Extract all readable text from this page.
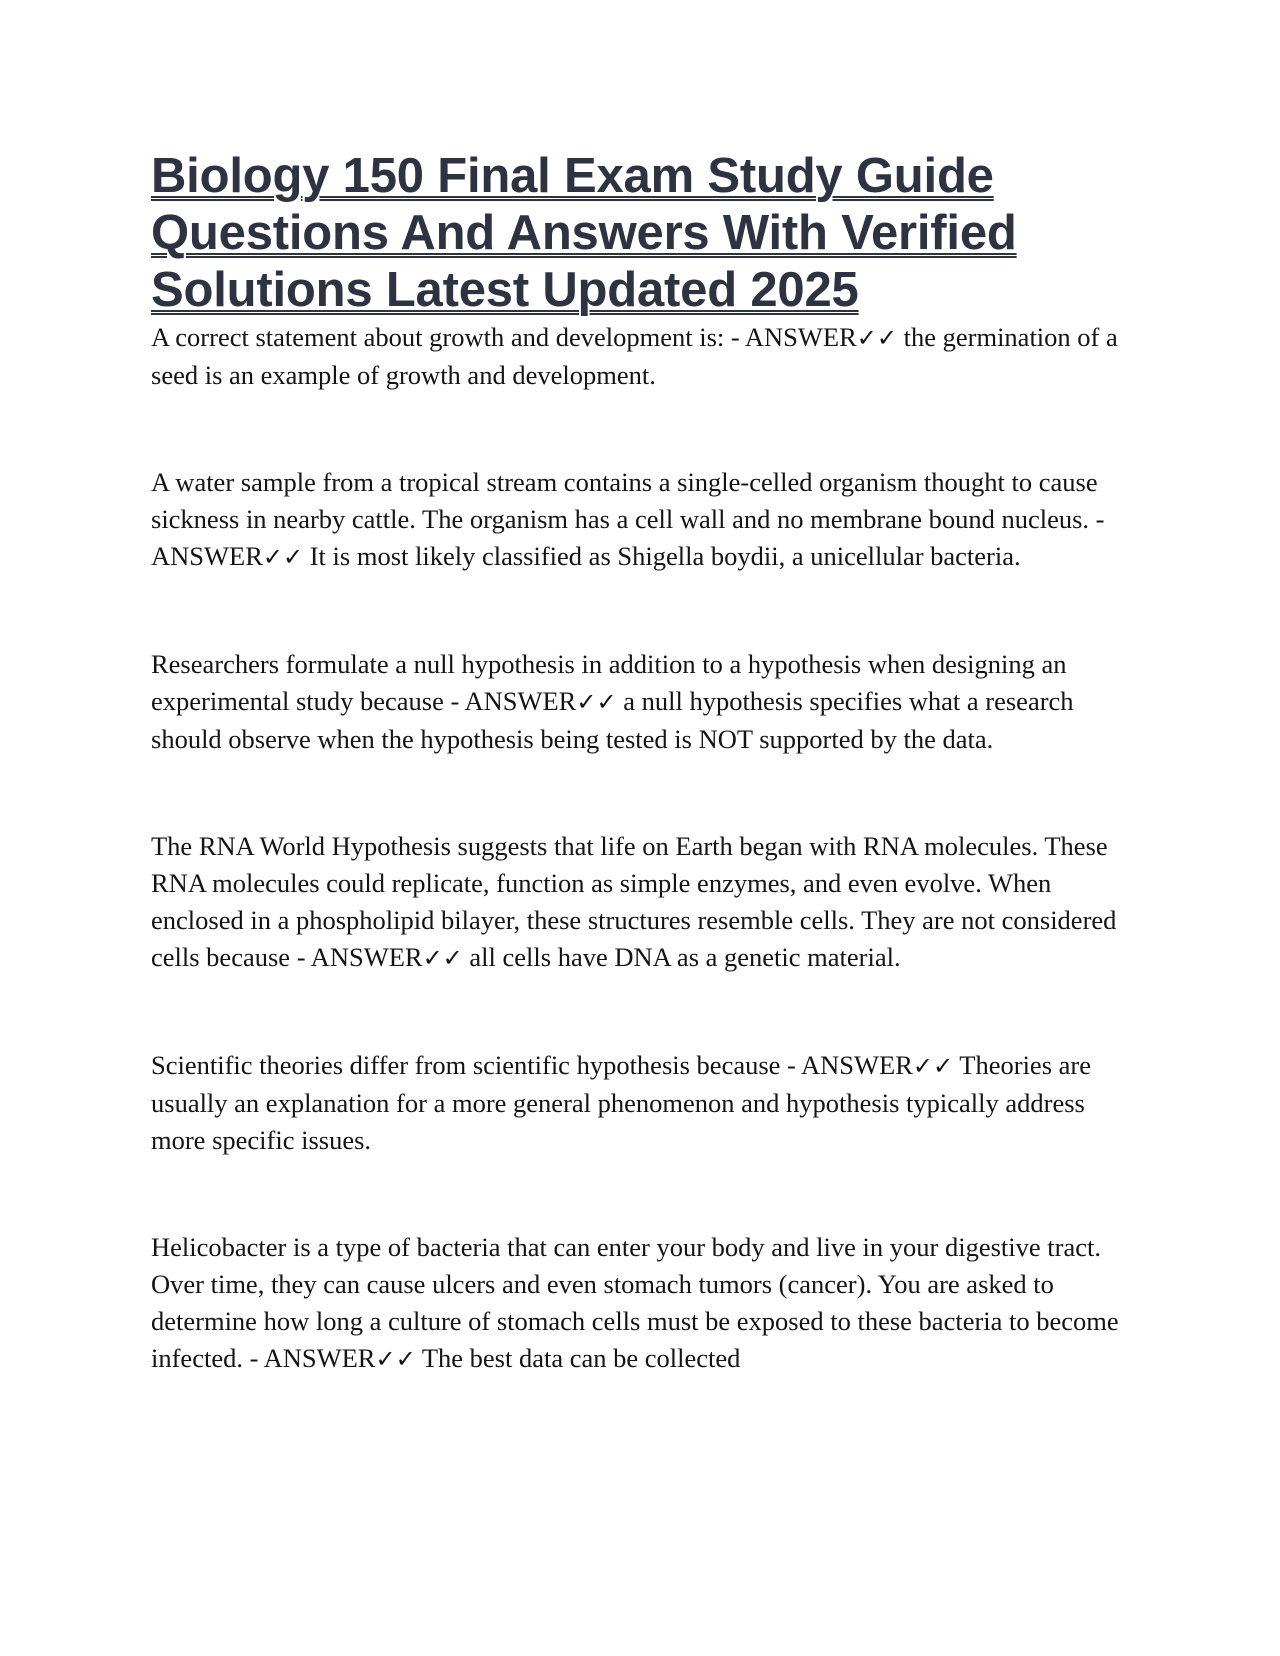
Biology 150 Final Exam Study Guide Questions And Answers With Verified Solutions Latest Updated 2025

A correct statement about growth and development is: - ANSWER✓✓ the germination of a seed is an example of growth and development.

A water sample from a tropical stream contains a single-celled organism thought to cause sickness in nearby cattle. The organism has a cell wall and no membrane bound nucleus. - ANSWER✓✓ It is most likely classified as Shigella boydii, a unicellular bacteria.

Researchers formulate a null hypothesis in addition to a hypothesis when designing an experimental study because - ANSWER✓✓ a null hypothesis specifies what a research should observe when the hypothesis being tested is NOT supported by the data.

The RNA World Hypothesis suggests that life on Earth began with RNA molecules. These RNA molecules could replicate, function as simple enzymes, and even evolve. When enclosed in a phospholipid bilayer, these structures resemble cells. They are not considered cells because - ANSWER✓✓ all cells have DNA as a genetic material.

Scientific theories differ from scientific hypothesis because - ANSWER✓✓ Theories are usually an explanation for a more general phenomenon and hypothesis typically address more specific issues.

Helicobacter is a type of bacteria that can enter your body and live in your digestive tract. Over time, they can cause ulcers and even stomach tumors (cancer). You are asked to determine how long a culture of stomach cells must be exposed to these bacteria to become infected. - ANSWER✓✓ The best data can be collected
